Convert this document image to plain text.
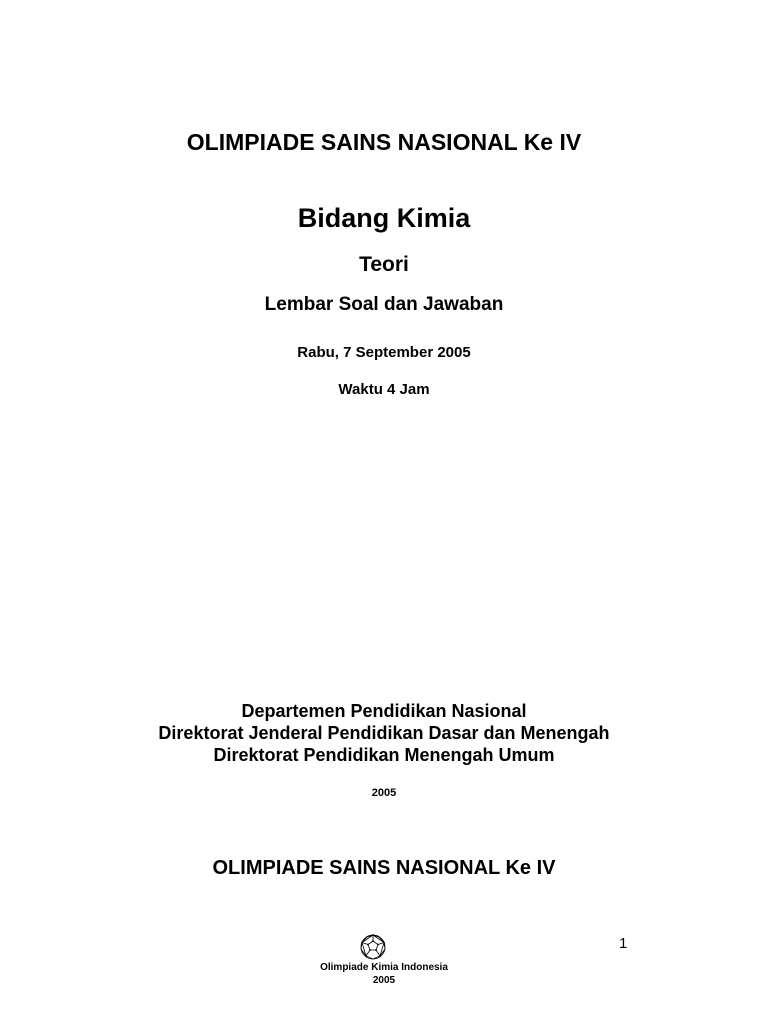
OLIMPIADE SAINS NASIONAL Ke IV
Bidang Kimia
Teori
Lembar Soal dan Jawaban
Rabu, 7 September 2005
Waktu 4 Jam
Departemen Pendidikan Nasional
Direktorat Jenderal Pendidikan Dasar dan Menengah
Direktorat Pendidikan Menengah Umum
2005
OLIMPIADE SAINS NASIONAL Ke IV
1
Olimpiade Kimia Indonesia
2005
